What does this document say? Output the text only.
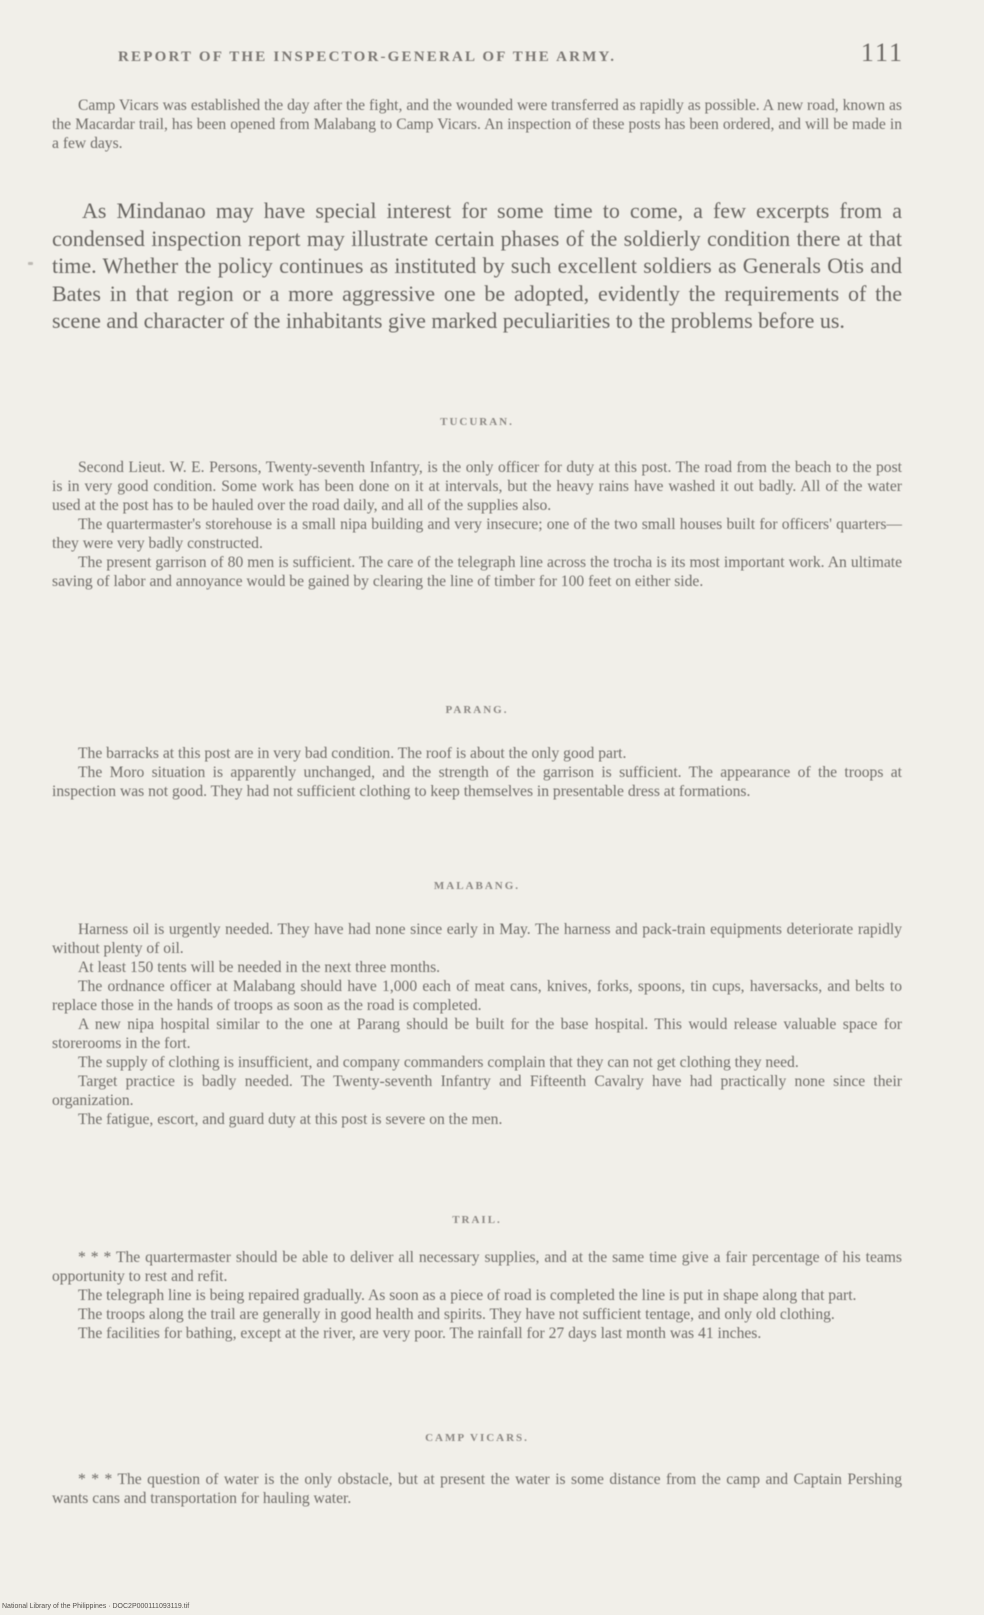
REPORT OF THE INSPECTOR-GENERAL OF THE ARMY.	111

Camp Vicars was established the day after the fight, and the wounded were transferred as rapidly as possible. A new road, known as the Macardar trail, has been opened from Malabang to Camp Vicars. An inspection of these posts has been ordered, and will be made in a few days.

As Mindanao may have special interest for some time to come, a few excerpts from a condensed inspection report may illustrate certain phases of the soldierly condition there at that time. Whether the policy continues as instituted by such excellent soldiers as Generals Otis and Bates in that region or a more aggressive one be adopted, evidently the requirements of the scene and character of the inhabitants give marked peculiarities to the problems before us.

TUCURAN.

Second Lieut. W. E. Persons, Twenty-seventh Infantry, is the only officer for duty at this post. The road from the beach to the post is in very good condition. Some work has been done on it at intervals, but the heavy rains have washed it out badly. All of the water used at the post has to be hauled over the road daily, and all of the supplies also.

The quartermaster's storehouse is a small nipa building and very insecure; one of the two small houses built for officers' quarters—they were very badly constructed.

The present garrison of 80 men is sufficient. The care of the telegraph line across the trocha is its most important work. An ultimate saving of labor and annoyance would be gained by clearing the line of timber for 100 feet on either side.

PARANG.

The barracks at this post are in very bad condition. The roof is about the only good part.

The Moro situation is apparently unchanged, and the strength of the garrison is sufficient. The appearance of the troops at inspection was not good. They had not sufficient clothing to keep themselves in presentable dress at formations.

MALABANG.

Harness oil is urgently needed. They have had none since early in May. The harness and pack-train equipments deteriorate rapidly without plenty of oil.

At least 150 tents will be needed in the next three months.

The ordnance officer at Malabang should have 1,000 each of meat cans, knives, forks, spoons, tin cups, haversacks, and belts to replace those in the hands of troops as soon as the road is completed.

A new nipa hospital similar to the one at Parang should be built for the base hospital. This would release valuable space for storerooms in the fort.

The supply of clothing is insufficient, and company commanders complain that they can not get clothing they need.

Target practice is badly needed. The Twenty-seventh Infantry and Fifteenth Cavalry have had practically none since their organization.

The fatigue, escort, and guard duty at this post is severe on the men.

TRAIL.

* * * The quartermaster should be able to deliver all necessary supplies, and at the same time give a fair percentage of his teams opportunity to rest and refit.

The telegraph line is being repaired gradually. As soon as a piece of road is completed the line is put in shape along that part.

The troops along the trail are generally in good health and spirits. They have not sufficient tentage, and only old clothing.

The facilities for bathing, except at the river, are very poor. The rainfall for 27 days last month was 41 inches.

CAMP VICARS.

* * * The question of water is the only obstacle, but at present the water is some distance from the camp and Captain Pershing wants cans and transportation for hauling water.

National Library of the Philippines · DOC2P000111093119.tif
